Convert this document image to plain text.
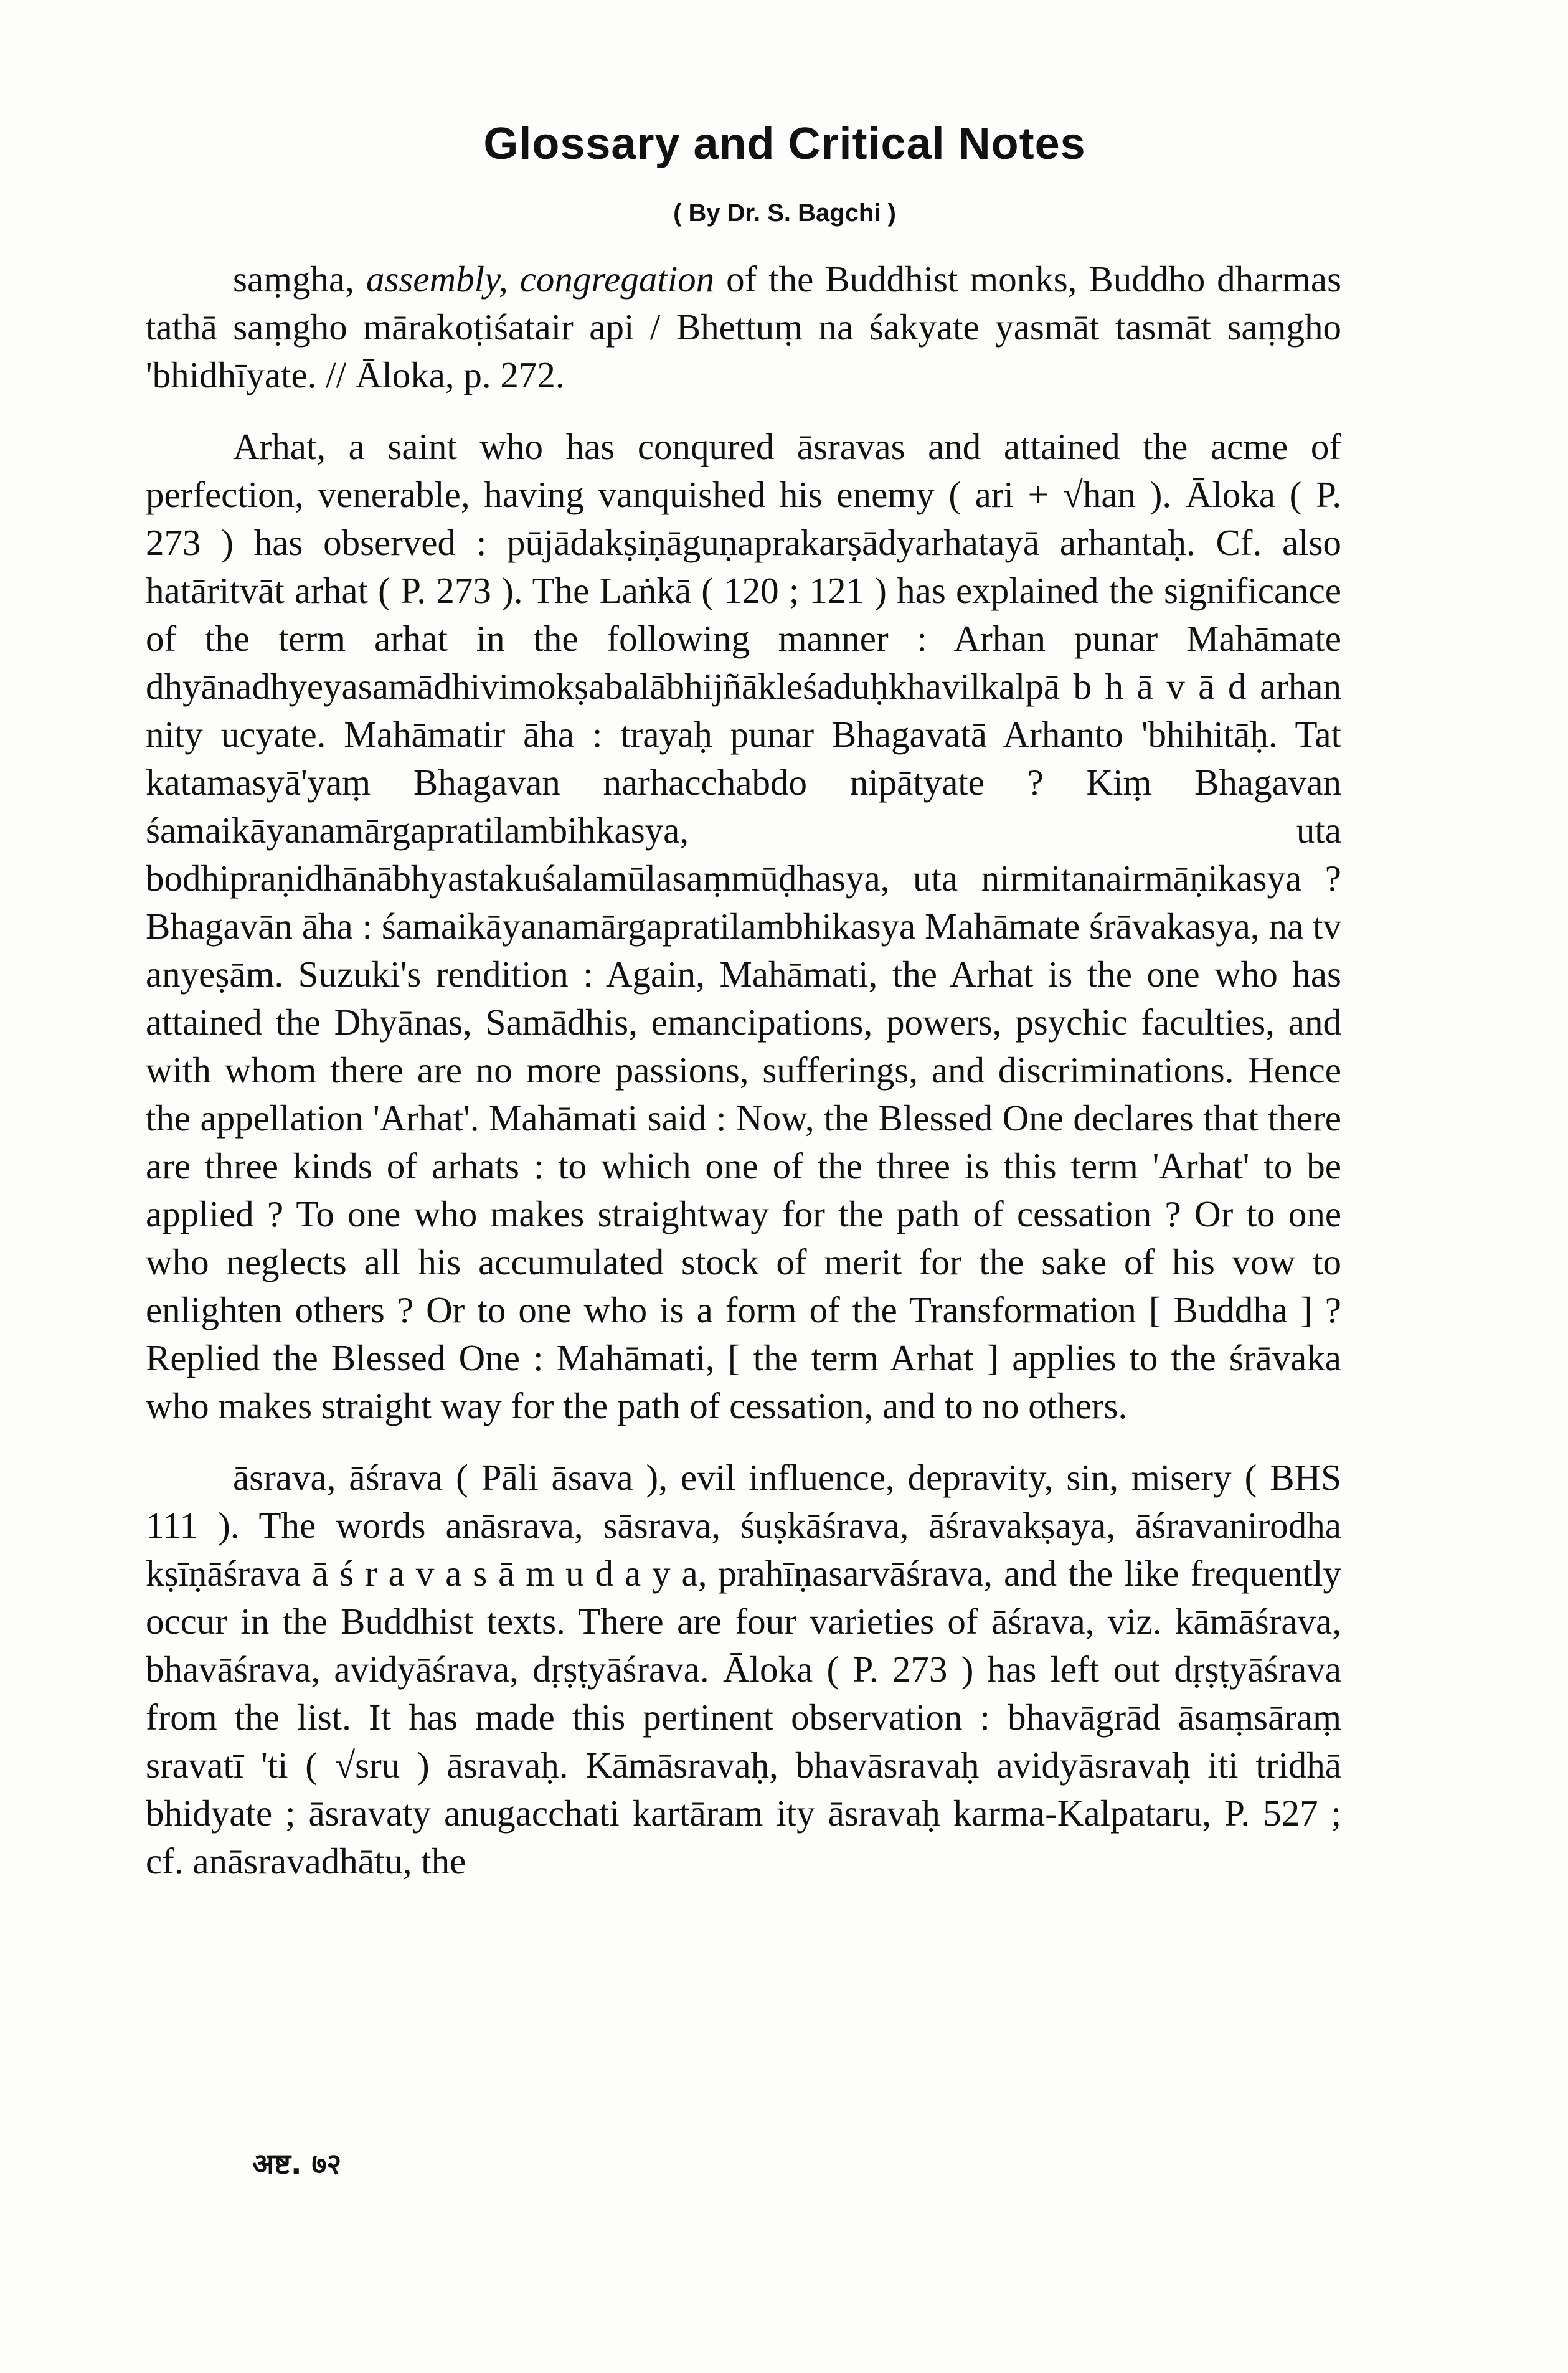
Glossary and Critical Notes

( By Dr. S. Bagchi )

saṃgha, assembly, congregation of the Buddhist monks, Buddho dharmas tathā saṃgho mārakoṭiśatair api / Bhettuṃ na śakyate yasmāt tasmāt saṃgho 'bhidhīyate. // Āloka, p. 272.

Arhat, a saint who has conqured āsravas and attained the acme of perfection, venerable, having vanquished his enemy ( ari + √han ). Āloka ( P. 273 ) has observed : pūjādakṣiṇāguṇaprakarṣādyarhatayā arhantaḥ. Cf. also hatāritvāt arhat ( P. 273 ). The Laṅkā ( 120 ; 121 ) has explained the significance of the term arhat in the following manner : Arhan punar Mahāmate dhyānadhyeyasamādhivimokṣabalābhijñākleśaduḥkhavilkalpā b h ā v ā d arhan nity ucyate. Mahāmatir āha : trayaḥ punar Bhagavatā Arhanto 'bhihitāḥ. Tat katamasyā'yaṃ Bhagavan narhacchabdo nipātyate ? Kiṃ Bhagavan śamaikāyanamārgapratilambihkasya, uta bodhipraṇidhānābhyastakuśalamūlasaṃmūḍhasya, uta nirmitanairmāṇikasya ? Bhagavān āha : śamaikāyanamārgapratilambhikasya Mahāmate śrāvakasya, na tv anyeṣām. Suzuki's rendition : Again, Mahāmati, the Arhat is the one who has attained the Dhyānas, Samādhis, emancipations, powers, psychic faculties, and with whom there are no more passions, sufferings, and discriminations. Hence the appellation 'Arhat'. Mahāmati said : Now, the Blessed One declares that there are three kinds of arhats : to which one of the three is this term 'Arhat' to be applied ? To one who makes straightway for the path of cessation ? Or to one who neglects all his accumulated stock of merit for the sake of his vow to enlighten others ? Or to one who is a form of the Transformation [ Buddha ] ? Replied the Blessed One : Mahāmati, [ the term Arhat ] applies to the śrāvaka who makes straight way for the path of cessation, and to no others.

āsrava, āśrava ( Pāli āsava ), evil influence, depravity, sin, misery ( BHS 111 ). The words anāsrava, sāsrava, śuṣkāśrava, āśravakṣaya, āśravanirodha kṣīṇāśrava ā ś r a v a s ā m u d a y a, prahīṇasarvāśrava, and the like frequently occur in the Buddhist texts. There are four varieties of āśrava, viz. kāmāśrava, bhavāśrava, avidyāśrava, dṛṣṭyāśrava. Āloka ( P. 273 ) has left out dṛṣṭyāśrava from the list. It has made this pertinent observation : bhavāgrād āsaṃsāraṃ sravatī 'ti ( √sru ) āsravaḥ. Kāmāsravaḥ, bhavāsravaḥ avidyāsravaḥ iti tridhā bhidyate ; āsravaty anugacchati kartāram ity āsravaḥ karma-Kalpataru, P. 527 ; cf. anāsravadhātu, the

अष्ट. ७२
